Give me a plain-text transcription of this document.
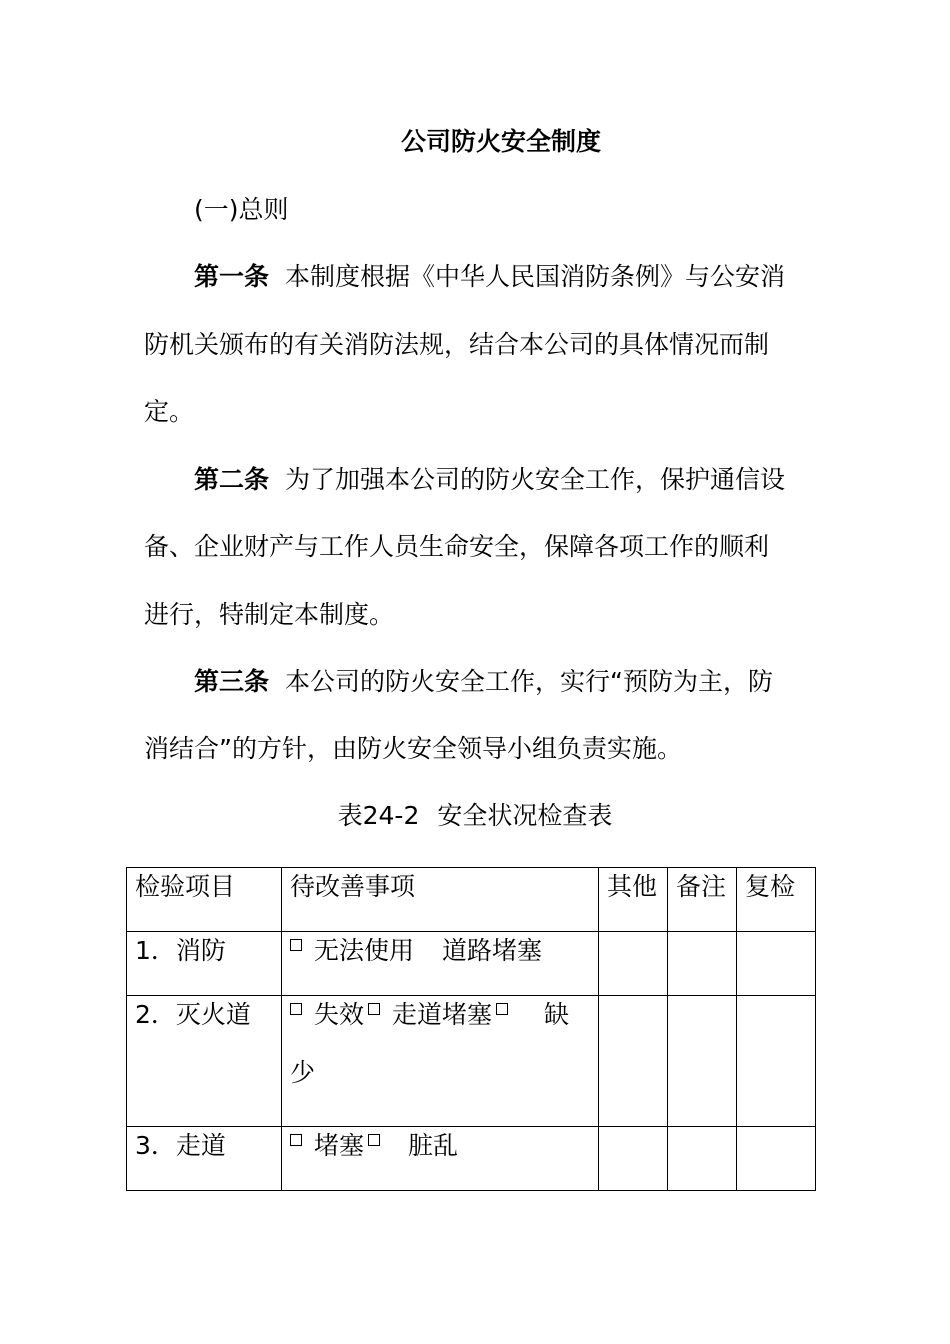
公司防火安全制度
(一)总则
第一条 本制度根据《中华人民国消防条例》与公安消
防机关颁布的有关消防法规，结合本公司的具体情况而制
定。
第二条 为了加强本公司的防火安全工作，保护通信设
备、企业财产与工作人员生命安全，保障各项工作的顺利
进行，特制定本制度。
第三条 本公司的防火安全工作，实行“预防为主，防
消结合”的方针，由防火安全领导小组负责实施。
表24-2 安全状况检查表
检验项目	待改善事项	其他	备注	复检

1．消防	无法使用 道路堵塞			

2．灭火道	失效 走道堵塞 缺
少			

3．走道	堵塞 脏乱			
